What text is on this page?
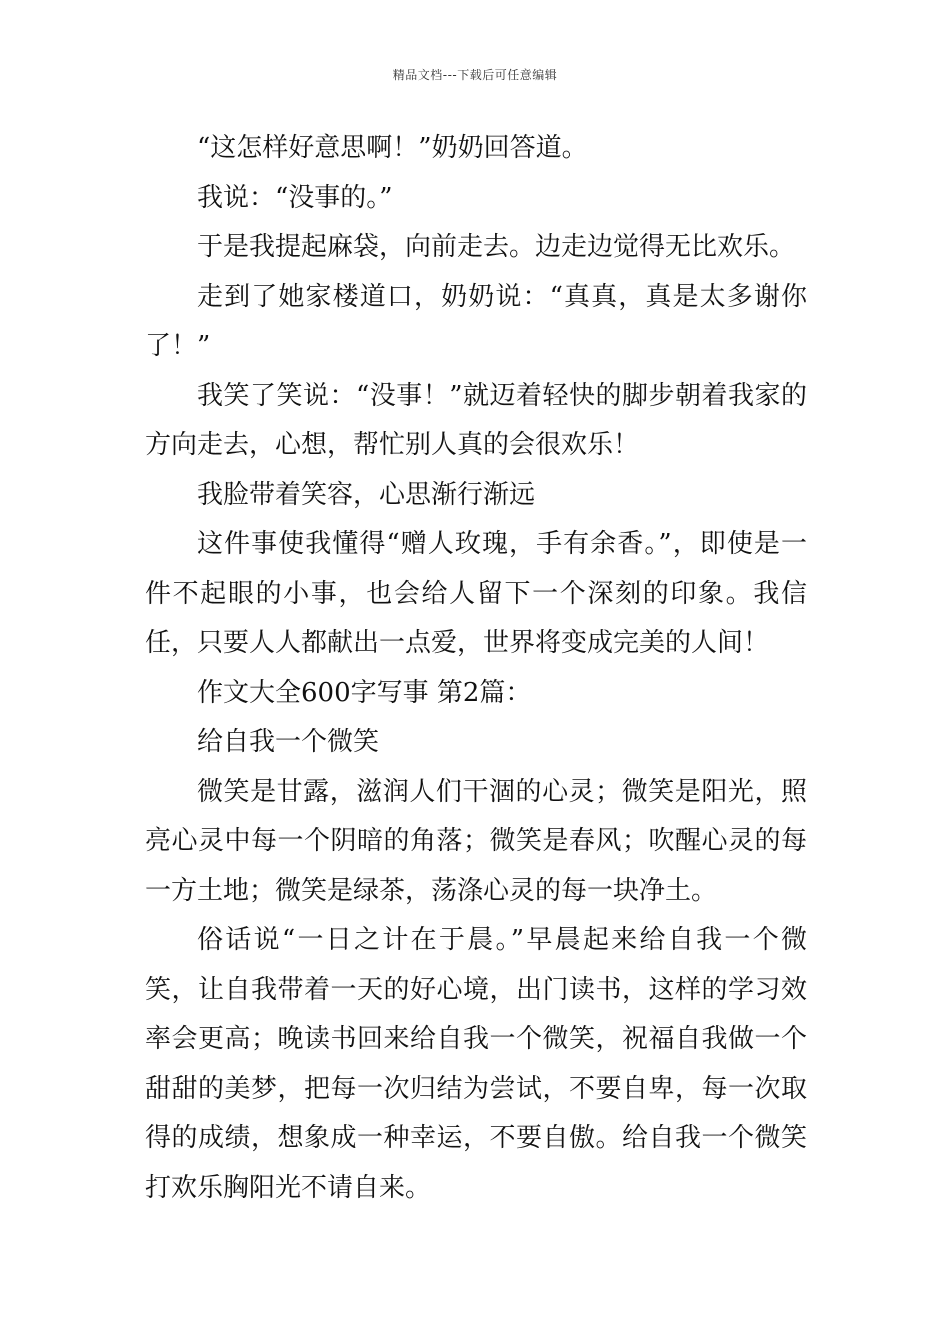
精品文档---下载后可任意编辑

“这怎样好意思啊！”奶奶回答道。

我说：“没事的。”

于是我提起麻袋，向前走去。边走边觉得无比欢乐。

走到了她家楼道口，奶奶说：“真真，真是太多谢你了！”

我笑了笑说：“没事！”就迈着轻快的脚步朝着我家的方向走去，心想，帮忙别人真的会很欢乐！

我脸带着笑容，心思渐行渐远

这件事使我懂得“赠人玫瑰，手有余香。”，即使是一件不起眼的小事，也会给人留下一个深刻的印象。我信任，只要人人都献出一点爱，世界将变成完美的人间！

作文大全600字写事 第2篇：

给自我一个微笑

微笑是甘露，滋润人们干涸的心灵；微笑是阳光，照亮心灵中每一个阴暗的角落；微笑是春风；吹醒心灵的每一方土地；微笑是绿茶，荡涤心灵的每一块净土。

俗话说“一日之计在于晨。”早晨起来给自我一个微笑，让自我带着一天的好心境，出门读书，这样的学习效率会更高；晚读书回来给自我一个微笑，祝福自我做一个甜甜的美梦，把每一次归结为尝试，不要自卑，每一次取得的成绩，想象成一种幸运，不要自傲。给自我一个微笑打欢乐胸阳光不请自来。
